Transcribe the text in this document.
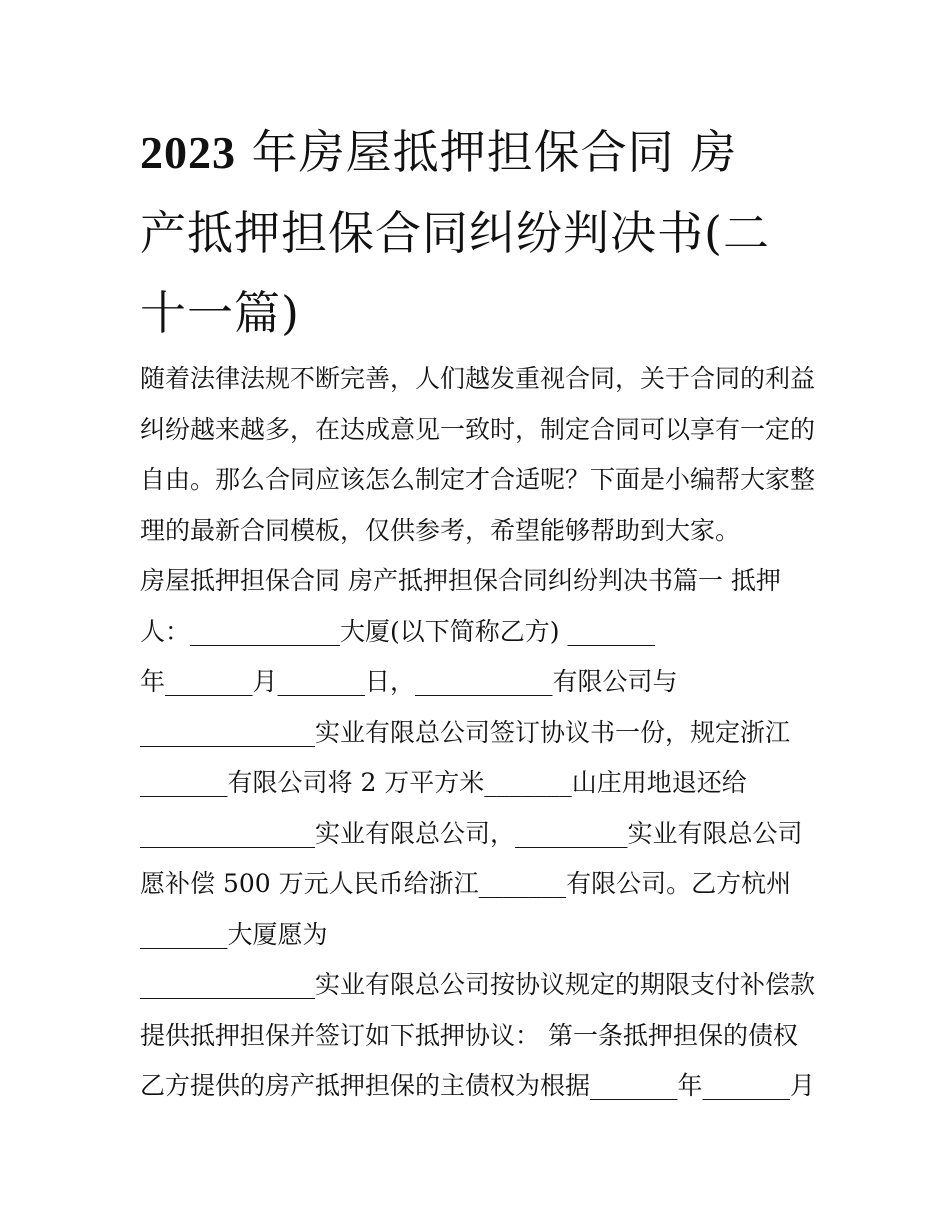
2023 年房屋抵押担保合同 房
产抵押担保合同纠纷判决书(二
十一篇)
随着法律法规不断完善，人们越发重视合同，关于合同的利益
纠纷越来越多，在达成意见一致时，制定合同可以享有一定的
自由。那么合同应该怎么制定才合适呢？下面是小编帮大家整
理的最新合同模板，仅供参考，希望能够帮助到大家。
房屋抵押担保合同 房产抵押担保合同纠纷判决书篇一 抵押
人：____________大厦(以下简称乙方) _______
年_______月_______日，___________有限公司与
______________实业有限总公司签订协议书一份，规定浙江
_______有限公司将 2 万平方米_______山庄用地退还给
______________实业有限总公司，_________实业有限总公司
愿补偿 500 万元人民币给浙江_______有限公司。乙方杭州
_______大厦愿为
______________实业有限总公司按协议规定的期限支付补偿款
提供抵押担保并签订如下抵押协议： 第一条抵押担保的债权
乙方提供的房产抵押担保的主债权为根据_______年_______月
